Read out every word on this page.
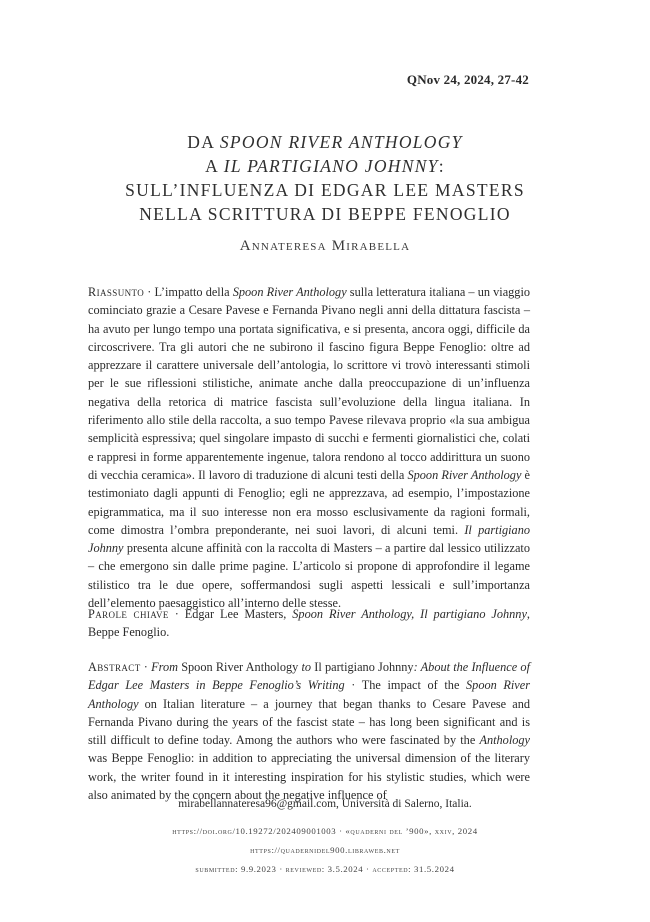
QNov 24, 2024, 27-42
DA SPOON RIVER ANTHOLOGY
A IL PARTIGIANO JOHNNY:
SULL’INFLUENZA DI EDGAR LEE MASTERS
NELLA SCRITTURA DI BEPPE FENOGLIO
Annateresa Mirabella
Riassunto · L’impatto della Spoon River Anthology sulla letteratura italiana – un viaggio cominciato grazie a Cesare Pavese e Fernanda Pivano negli anni della dittatura fascista – ha avuto per lungo tempo una portata significativa, e si presenta, ancora oggi, difficile da circoscrivere. Tra gli autori che ne subirono il fascino figura Beppe Fenoglio: oltre ad apprezzare il carattere universale dell’antologia, lo scrittore vi trovò interessanti stimoli per le sue riflessioni stilistiche, animate anche dalla preoccupazione di un’influenza negativa della retorica di matrice fascista sull’evoluzione della lingua italiana. In riferimento allo stile della raccolta, a suo tempo Pavese rilevava proprio «la sua ambigua semplicità espressiva; quel singolare impasto di succhi e fermenti giornalistici che, colati e rappresi in forme apparentemente ingenue, talora rendono al tocco addirittura un suono di vecchia ceramica». Il lavoro di traduzione di alcuni testi della Spoon River Anthology è testimoniato dagli appunti di Fenoglio; egli ne apprezzava, ad esempio, l’impostazione epigrammatica, ma il suo interesse non era mosso esclusivamente da ragioni formali, come dimostra l’ombra preponderante, nei suoi lavori, di alcuni temi. Il partigiano Johnny presenta alcune affinità con la raccolta di Masters – a partire dal lessico utilizzato – che emergono sin dalle prime pagine. L’articolo si propone di approfondire il legame stilistico tra le due opere, soffermandosi sugli aspetti lessicali e sull’importanza dell’elemento paesaggistico all’interno delle stesse.
Parole chiave · Edgar Lee Masters, Spoon River Anthology, Il partigiano Johnny, Beppe Fenoglio.
Abstract · From Spoon River Anthology to Il partigiano Johnny: About the Influence of Edgar Lee Masters in Beppe Fenoglio’s Writing · The impact of the Spoon River Anthology on Italian literature – a journey that began thanks to Cesare Pavese and Fernanda Pivano during the years of the fascist state – has long been significant and is still difficult to define today. Among the authors who were fascinated by the Anthology was Beppe Fenoglio: in addition to appreciating the universal dimension of the literary work, the writer found in it interesting inspiration for his stylistic studies, which were also animated by the concern about the negative influence of
mirabellannateresa96@gmail.com, Università di Salerno, Italia.
https://doi.org/10.19272/202409001003 · «quaderni del ’900», xxiv, 2024
https://quadernidel900.libraweb.net
submitted: 9.9.2023 · reviewed: 3.5.2024 · accepted: 31.5.2024
